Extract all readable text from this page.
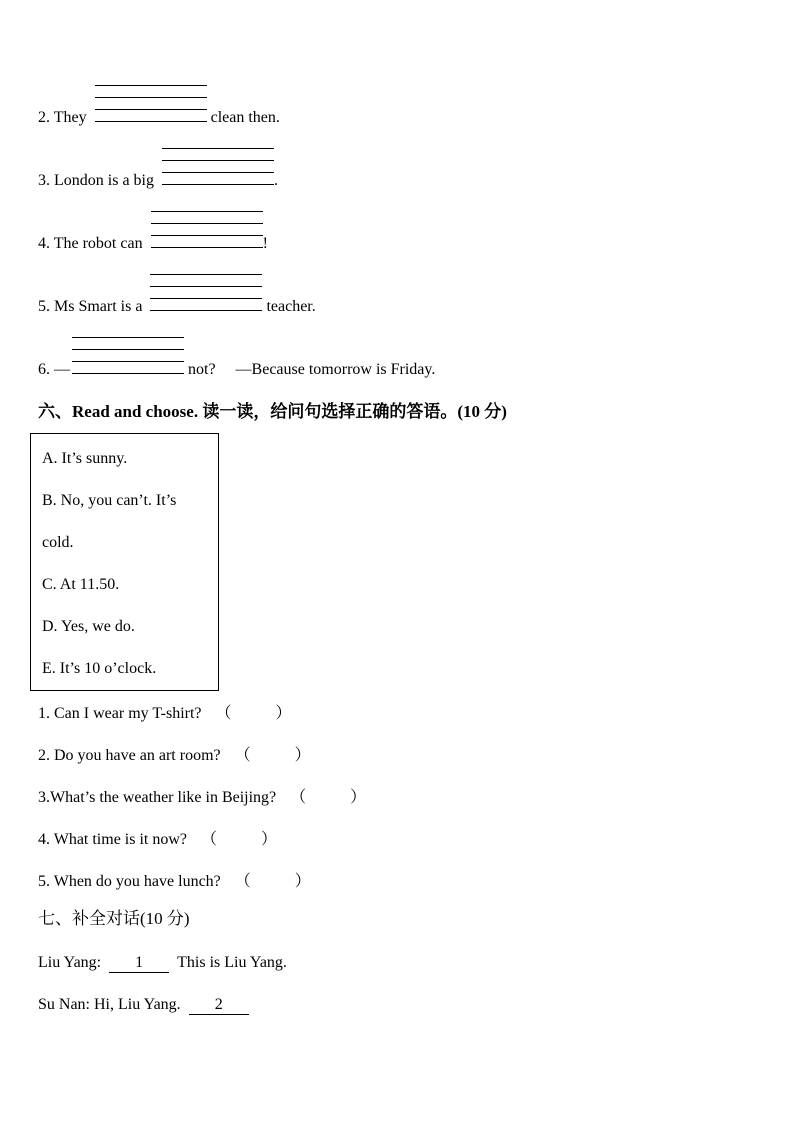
2. They	clean then.

3. London is a big	.

4. The robot can	!

5. Ms Smart is a	teacher.

6. —	not?     —Because tomorrow is Friday.

六、Read and choose. 读一读，给问句选择正确的答语。(10 分)

A. It’s sunny.

B. No, you can’t. It’s

cold.

C. At 11.50.

D. Yes, we do.

E. It’s 10 o’clock.

1. Can I wear my T-shirt? （	）

2. Do you have an art room? （	）

3.What’s the weather like in Beijing? （	）

4. What time is it now? （	）

5. When do you have lunch? （	）

七、补全对话(10 分)

Liu Yang: 1 This is Liu Yang.

Su Nan: Hi, Liu Yang. 2
